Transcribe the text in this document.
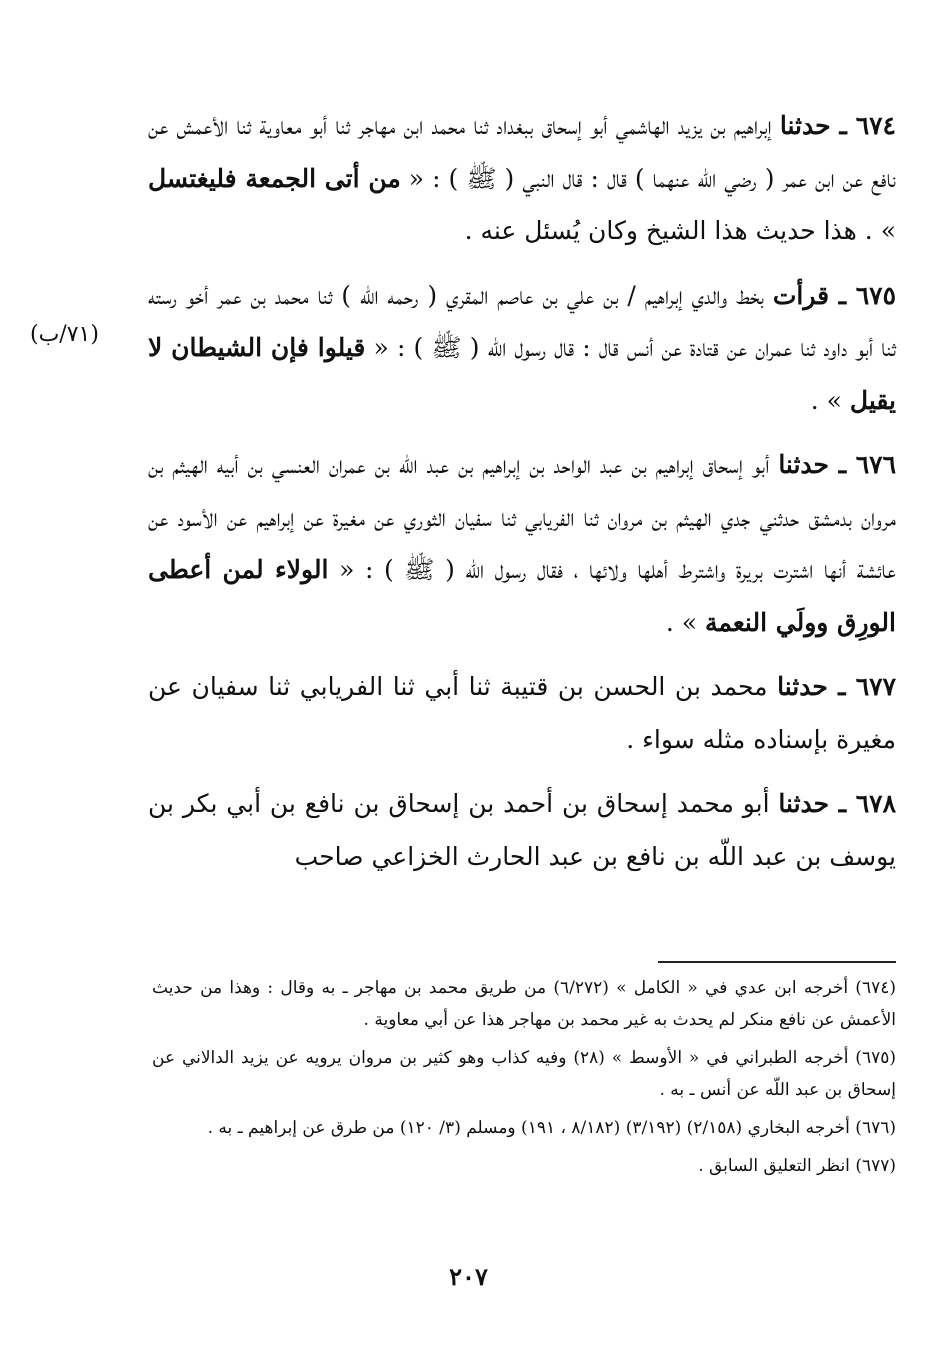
٦٧٤ ـ حدثنا إبراهيم بن يزيد الهاشمي أبو إسحاق ببغداد ثنا محمد ابن مهاجر ثنا أبو معاوية ثنا الأعمش عن نافع عن ابن عمر ( رضي اللّه عنهما ) قال : قال النبي ( ﷺ ) : « من أتى الجمعة فليغتسل » . هذا حديث هذا الشيخ وكان يُسئل عنه .

٦٧٥ ـ قرأت بخط والدي إبراهيم / بن علي بن عاصم المقري ( رحمه اللّه ) ثنا محمد بن عمر أخو رسته ثنا أبو داود ثنا عمران عن قتادة عن أنس قال : قال رسول اللّه ( ﷺ ) : « قيلوا فإن الشيطان لا يقيل » .

٦٧٦ ـ حدثنا أبو إسحاق إبراهيم بن عبد الواحد بن إبراهيم بن عبد اللّه بن عمران العنسي بن أبيه الهيثم بن مروان بدمشق حدثني جدي الهيثم بن مروان ثنا الفريابي ثنا سفيان الثوري عن مغيرة عن إبراهيم عن الأسود عن عائشة أنها اشترت بريرة واشترط أهلها ولائها ، فقال رسول اللّه ( ﷺ ) : « الولاء لمن أعطى الورِق وولَي النعمة » .

٦٧٧ ـ حدثنا محمد بن الحسن بن قتيبة ثنا أبي ثنا الفريابي ثنا سفيان عن مغيرة بإسناده مثله سواء .

٦٧٨ ـ حدثنا أبو محمد إسحاق بن أحمد بن إسحاق بن نافع بن أبي بكر بن يوسف بن عبد اللّه بن نافع بن عبد الحارث الخزاعي صاحب

(٧١/ب)

(٦٧٤) أخرجه ابن عدي في « الكامل » (٦/٢٧٢) من طريق محمد بن مهاجر ـ به وقال : وهذا من حديث الأعمش عن نافع منكر لم يحدث به غير محمد بن مهاجر هذا عن أبي معاوية .

(٦٧٥) أخرجه الطبراني في « الأوسط » (٢٨) وفيه كذاب وهو كثير بن مروان يرويه عن يزيد الدالاني عن إسحاق بن عبد اللّه عن أنس ـ به .

(٦٧٦) أخرجه البخاري (٢/١٥٨) (٣/١٩٢) (٨/١٨٢ ، ١٩١) ومسلم (٣/ ١٢٠) من طرق عن إبراهيم ـ به .

(٦٧٧) انظر التعليق السابق .

٢٠٧
